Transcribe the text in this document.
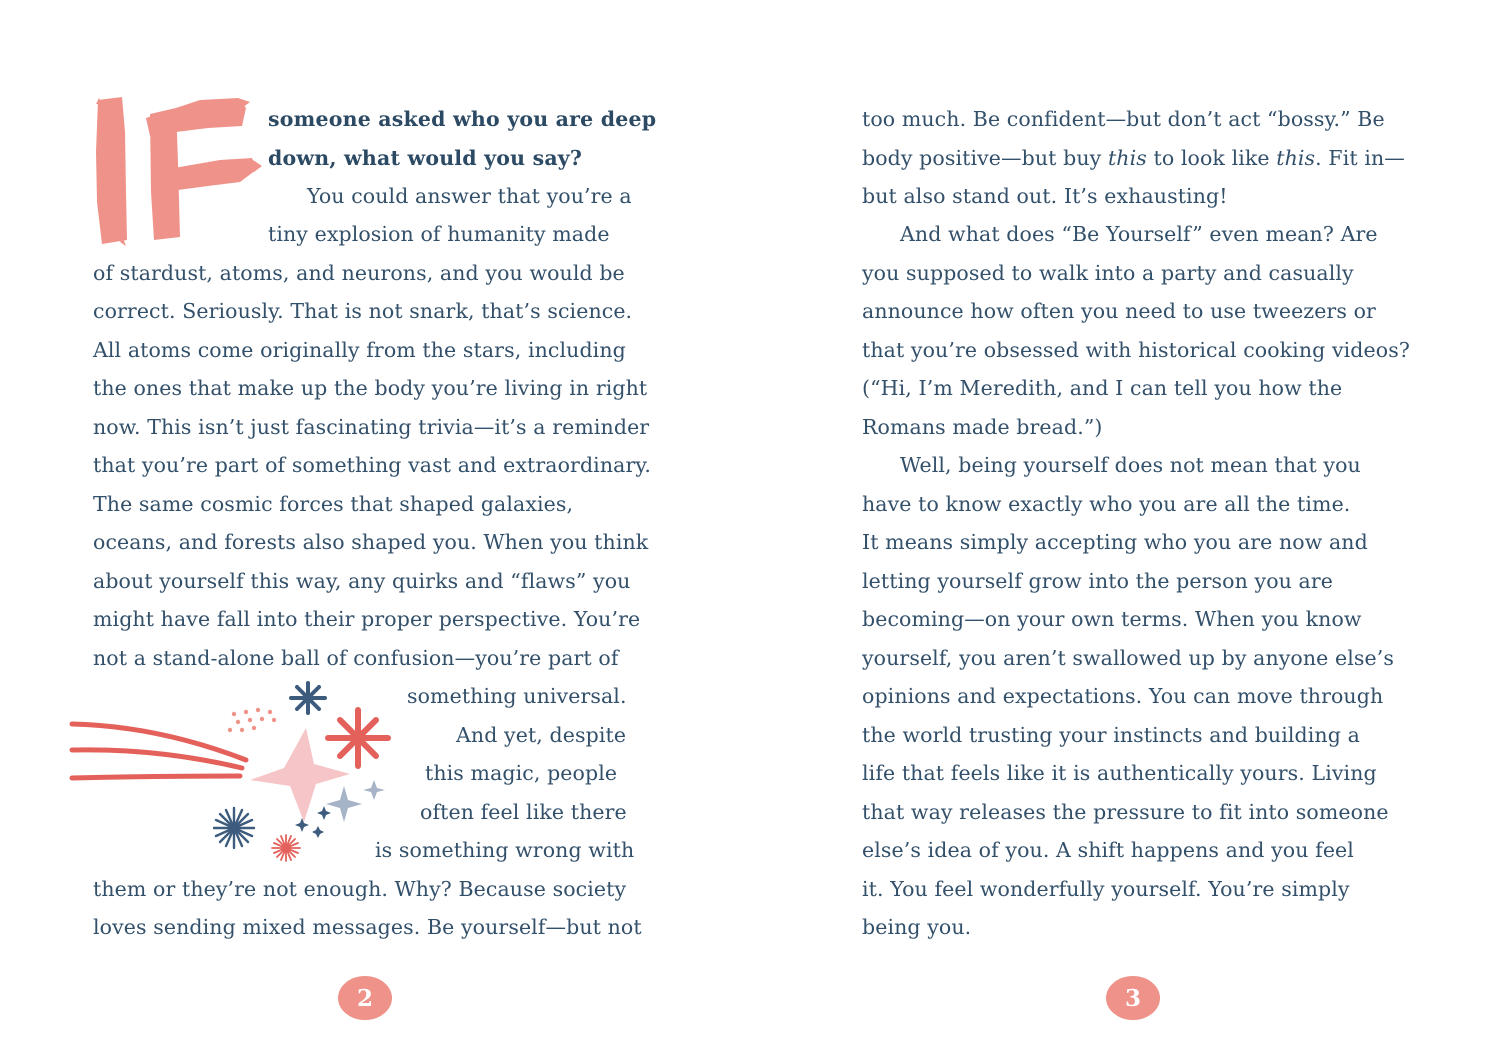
someone asked who you are deep
down, what would you say?
You could answer that you’re a
tiny explosion of humanity made
of stardust, atoms, and neurons, and you would be
correct. Seriously. That is not snark, that’s science.
All atoms come originally from the stars, including
the ones that make up the body you’re living in right
now. This isn’t just fascinating trivia—it’s a reminder
that you’re part of something vast and extraordinary.
The same cosmic forces that shaped galaxies,
oceans, and forests also shaped you. When you think
about yourself this way, any quirks and “flaws” you
might have fall into their proper perspective. You’re
not a stand-alone ball of confusion—you’re part of
something universal.
And yet, despite
this magic, people
often feel like there
is something wrong with
them or they’re not enough. Why? Because society
loves sending mixed messages. Be yourself—but not
too much. Be confident—but don’t act “bossy.” Be
body positive—but buy this to look like this. Fit in—
but also stand out. It’s exhausting!
And what does “Be Yourself” even mean? Are
you supposed to walk into a party and casually
announce how often you need to use tweezers or
that you’re obsessed with historical cooking videos?
(“Hi, I’m Meredith, and I can tell you how the
Romans made bread.”)
Well, being yourself does not mean that you
have to know exactly who you are all the time.
It means simply accepting who you are now and
letting yourself grow into the person you are
becoming—on your own terms. When you know
yourself, you aren’t swallowed up by anyone else’s
opinions and expectations. You can move through
the world trusting your instincts and building a
life that feels like it is authentically yours. Living
that way releases the pressure to fit into someone
else’s idea of you. A shift happens and you feel
it. You feel wonderfully yourself. You’re simply
being you.
2	3
